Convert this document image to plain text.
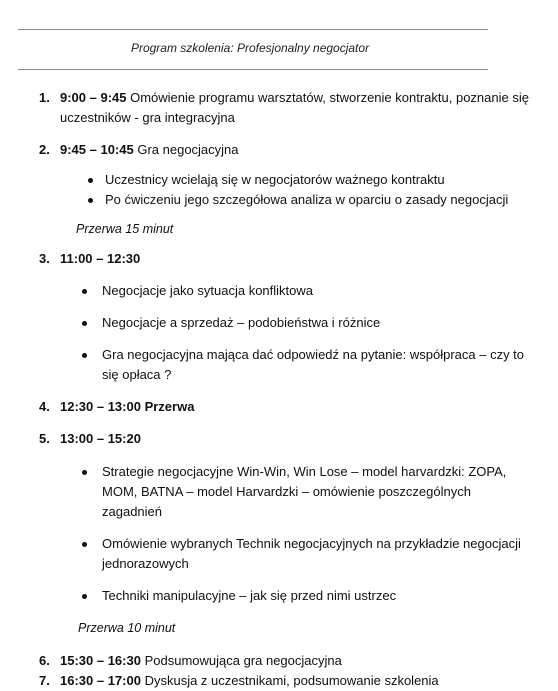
Program szkolenia: Profesjonalny negocjator
1. 9:00 – 9:45 Omówienie programu warsztatów, stworzenie kontraktu, poznanie się uczestników - gra integracyjna
2. 9:45 – 10:45 Gra negocjacyjna
Uczestnicy wcielają się w negocjatorów ważnego kontraktu
Po ćwiczeniu jego szczegółowa analiza w oparciu o zasady negocjacji
Przerwa 15 minut
3. 11:00 – 12:30
Negocjacje jako sytuacja konfliktowa
Negocjacje a sprzedaż – podobieństwa i różnice
Gra negocjacyjna mająca dać odpowiedź na pytanie: współpraca – czy to się opłaca ?
4. 12:30 – 13:00 Przerwa
5. 13:00 – 15:20
Strategie negocjacyjne Win-Win, Win Lose – model harvardzki: ZOPA, MOM, BATNA – model Harvardzki – omówienie poszczególnych zagadnień
Omówienie wybranych Technik negocjacyjnych na przykładzie negocjacji jednorazowych
Techniki manipulacyjne – jak się przed nimi ustrzec
Przerwa 10 minut
6. 15:30 – 16:30 Podsumowująca gra negocjacyjna
7. 16:30 – 17:00 Dyskusja z uczestnikami, podsumowanie szkolenia
